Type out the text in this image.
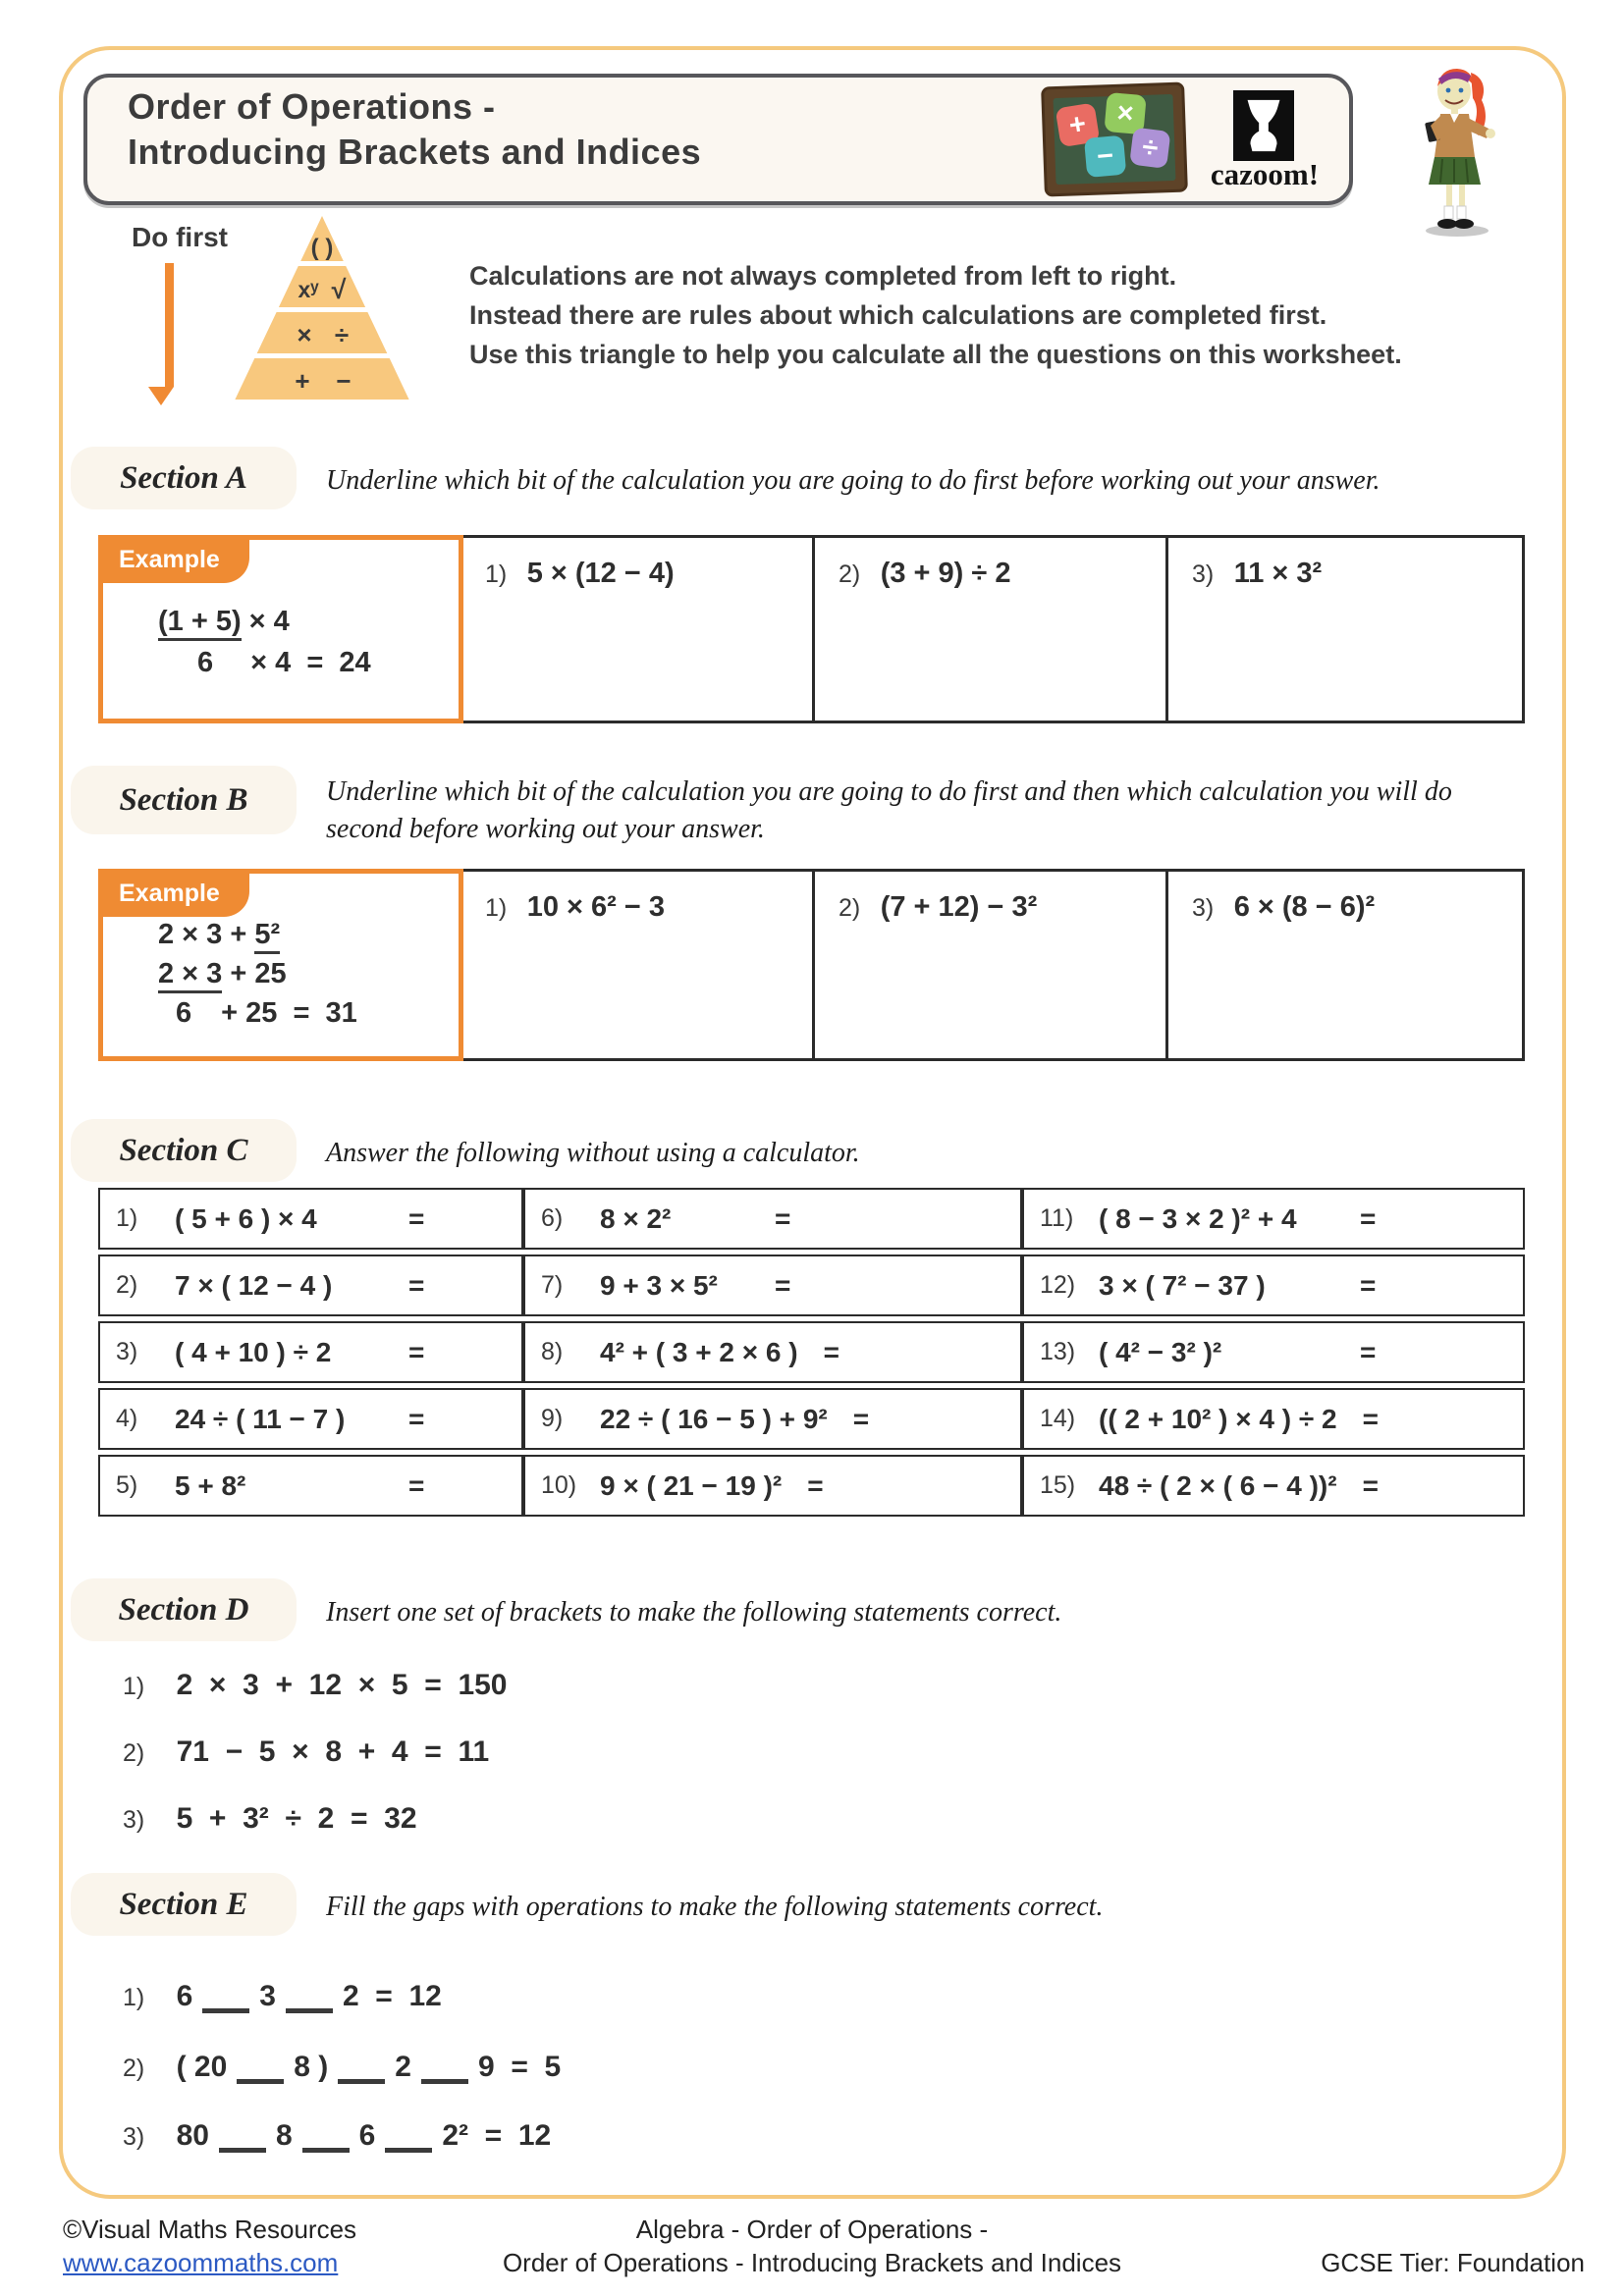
Order of Operations -
Introducing Brackets and Indices
+ ×
− ÷
cazoom!
Do first	( )
xʸ √
× ÷
+ −
Calculations are not always completed from left to right.
Instead there are rules about which calculations are completed first.
Use this triangle to help you calculate all the questions on this worksheet.
Section A	Underline which bit of the calculation you are going to do first before working out your answer.
Example
(1 + 5) × 4
6 × 4  =  24
1) 5 × (12 − 4)	2) (3 + 9) ÷ 2	3) 11 × 3²
Section B	Underline which bit of the calculation you are going to do first and then which calculation you will do second before working out your answer.
Example
2 × 3 + 5²
2 × 3 + 25
6 + 25  =  31
1) 10 × 6² − 3	2) (7 + 12) − 3²	3) 6 × (8 − 6)²
Section C	Answer the following without using a calculator.
1)	( 5 + 6 ) × 4	=	6)	8 × 2²	=	11) ( 8 − 3 × 2 )² + 4	=
2)	7 × ( 12 − 4 )	=	7)	9 + 3 × 5²	=	12) 3 × ( 7² − 37 )	=
3)	( 4 + 10 ) ÷ 2	=	8)	4² + ( 3 + 2 × 6 ) =	13) ( 4² − 3² )²	=
4)	24 ÷ ( 11 − 7 )	=	9)	22 ÷ ( 16 − 5 ) + 9² =	14) (( 2 + 10² ) × 4 ) ÷ 2 =
5)	5 + 8²	=	10) 9 × ( 21 − 19 )² =	15) 48 ÷ ( 2 × ( 6 − 4 ))² =
Section D	Insert one set of brackets to make the following statements correct.
1) 2  ×  3  +  12  ×  5  =  150
2) 71  −  5  ×  8  +  4  =  11
3) 5  +  3²  ÷  2  =  32
Section E	Fill the gaps with operations to make the following statements correct.
1) 6 3 2  =  12
2) ( 20 8 ) 2 9  =  5
3) 80 8 6 2²  =  12
©Visual Maths Resources
www.cazoommaths.com
Algebra - Order of Operations -
Order of Operations - Introducing Brackets and Indices	GCSE Tier: Foundation
